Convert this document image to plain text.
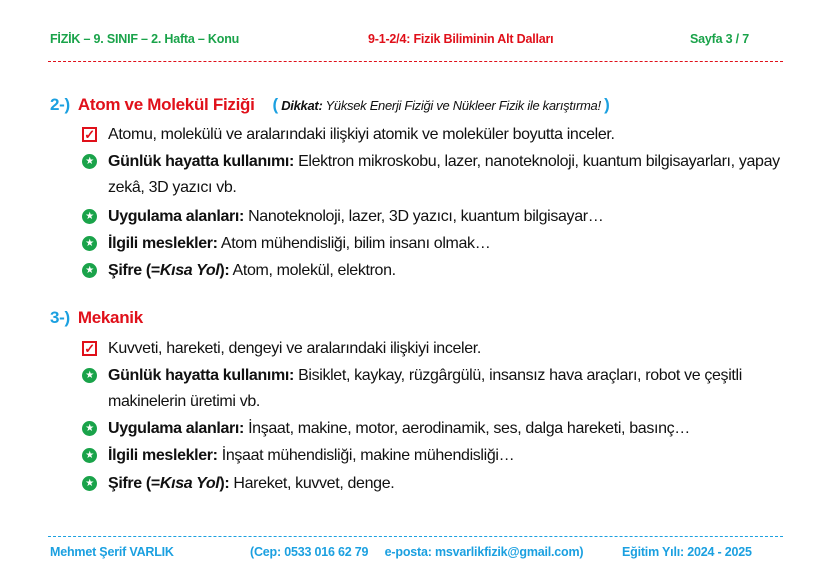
FİZİK – 9. SINIF – 2. Hafta – Konu	9-1-2/4: Fizik Biliminin Alt Dalları	Sayfa 3 / 7
2-) Atom ve Molekül Fiziği ( Dikkat: Yüksek Enerji Fiziği ve Nükleer Fizik ile karıştırma! )
✓ Atomu, molekülü ve aralarındaki ilişkiyi atomik ve moleküler boyutta inceler.
★ Günlük hayatta kullanımı: Elektron mikroskobu, lazer, nanoteknoloji, kuantum bilgisayarları, yapay zekâ, 3D yazıcı vb.
★ Uygulama alanları: Nanoteknoloji, lazer, 3D yazıcı, kuantum bilgisayar…
★ İlgili meslekler: Atom mühendisliği, bilim insanı olmak…
★ Şifre (=Kısa Yol): Atom, molekül, elektron.
3-) Mekanik
✓ Kuvveti, hareketi, dengeyi ve aralarındaki ilişkiyi inceler.
★ Günlük hayatta kullanımı: Bisiklet, kaykay, rüzgârgülü, insansız hava araçları, robot ve çeşitli makinelerin üretimi vb.
★ Uygulama alanları: İnşaat, makine, motor, aerodinamik, ses, dalga hareketi, basınç…
★ İlgili meslekler: İnşaat mühendisliği, makine mühendisliği…
★ Şifre (=Kısa Yol): Hareket, kuvvet, denge.
Mehmet Şerif VARLIK	(Cep: 0533 016 62 79     e-posta: msvarlikfizik@gmail.com)	Eğitim Yılı: 2024 - 2025
